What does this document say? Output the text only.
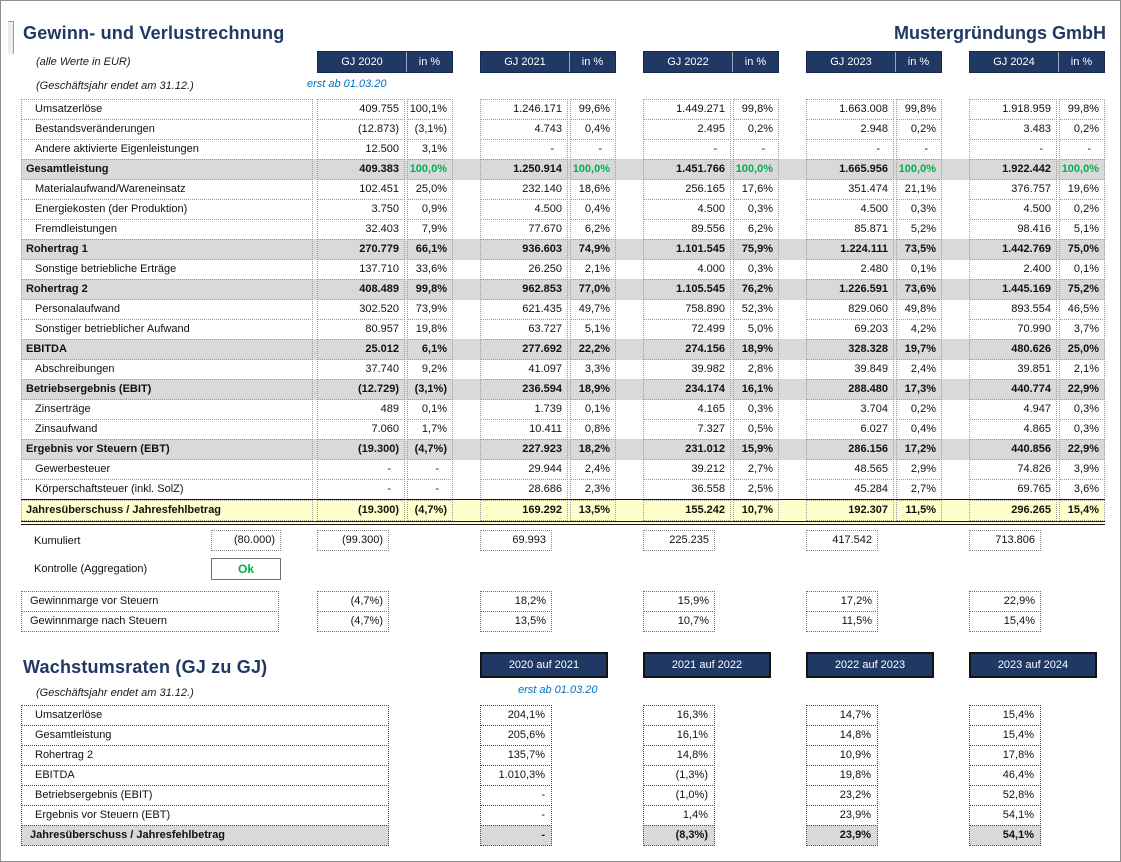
Gewinn- und Verlustrechnung	Mustergründungs GmbH
(alle Werte in EUR)	GJ 2020	in %	GJ 2021	in %	GJ 2022	in %	GJ 2023	in %	GJ 2024	in %
(Geschäftsjahr endet am 31.12.)	erst ab 01.03.20
Umsatzerlöse	409.755 100,1%	1.246.171	99,6%	1.449.271	99,8%	1.663.008	99,8%	1.918.959	99,8%
Bestandsveränderungen	(12.873)	(3,1%)	4.743	0,4%	2.495	0,2%	2.948	0,2%	3.483	0,2%
Andere aktivierte Eigenleistungen	12.500	3,1%	-	-	-	-	-	-	-	-
Gesamtleistung	409.383 100,0%	1.250.914 100,0%	1.451.766 100,0%	1.665.956 100,0%	1.922.442 100,0%
Materialaufwand/Wareneinsatz	102.451	25,0%	232.140	18,6%	256.165	17,6%	351.474	21,1%	376.757	19,6%
Energiekosten (der Produktion)	3.750	0,9%	4.500	0,4%	4.500	0,3%	4.500	0,3%	4.500	0,2%
Fremdleistungen	32.403	7,9%	77.670	6,2%	89.556	6,2%	85.871	5,2%	98.416	5,1%
Rohertrag 1	270.779	66,1%	936.603	74,9%	1.101.545	75,9%	1.224.111	73,5%	1.442.769	75,0%
Sonstige betriebliche Erträge	137.710	33,6%	26.250	2,1%	4.000	0,3%	2.480	0,1%	2.400	0,1%
Rohertrag 2	408.489	99,8%	962.853	77,0%	1.105.545	76,2%	1.226.591	73,6%	1.445.169	75,2%
Personalaufwand	302.520	73,9%	621.435	49,7%	758.890	52,3%	829.060	49,8%	893.554	46,5%
Sonstiger betrieblicher Aufwand	80.957	19,8%	63.727	5,1%	72.499	5,0%	69.203	4,2%	70.990	3,7%
EBITDA	25.012	6,1%	277.692	22,2%	274.156	18,9%	328.328	19,7%	480.626	25,0%
Abschreibungen	37.740	9,2%	41.097	3,3%	39.982	2,8%	39.849	2,4%	39.851	2,1%
Betriebsergebnis (EBIT)	(12.729)	(3,1%)	236.594	18,9%	234.174	16,1%	288.480	17,3%	440.774	22,9%
Zinserträge	489	0,1%	1.739	0,1%	4.165	0,3%	3.704	0,2%	4.947	0,3%
Zinsaufwand	7.060	1,7%	10.411	0,8%	7.327	0,5%	6.027	0,4%	4.865	0,3%
Ergebnis vor Steuern (EBT)	(19.300)	(4,7%)	227.923	18,2%	231.012	15,9%	286.156	17,2%	440.856	22,9%
Gewerbesteuer	-	-	29.944	2,4%	39.212	2,7%	48.565	2,9%	74.826	3,9%
Körperschaftsteuer (inkl. SolZ)	-	-	28.686	2,3%	36.558	2,5%	45.284	2,7%	69.765	3,6%
Jahresüberschuss / Jahresfehlbetrag	(19.300)	(4,7%)	169.292	13,5%	155.242	10,7%	192.307	11,5%	296.265	15,4%
Kumuliert	(80.000)	(99.300)	69.993	225.235	417.542	713.806
Kontrolle (Aggregation)	Ok
Gewinnmarge vor Steuern	(4,7%)	18,2%	15,9%	17,2%	22,9%
Gewinnmarge nach Steuern	(4,7%)	13,5%	10,7%	11,5%	15,4%
Wachstumsraten (GJ zu GJ)	2020 auf 2021	2021 auf 2022	2022 auf 2023	2023 auf 2024
(Geschäftsjahr endet am 31.12.)	erst ab 01.03.20
Umsatzerlöse	204,1%	16,3%	14,7%	15,4%
Gesamtleistung	205,6%	16,1%	14,8%	15,4%
Rohertrag 2	135,7%	14,8%	10,9%	17,8%
EBITDA	1.010,3%	(1,3%)	19,8%	46,4%
Betriebsergebnis (EBIT)	-	(1,0%)	23,2%	52,8%
Ergebnis vor Steuern (EBT)	-	1,4%	23,9%	54,1%
Jahresüberschuss / Jahresfehlbetrag	-	(8,3%)	23,9%	54,1%
